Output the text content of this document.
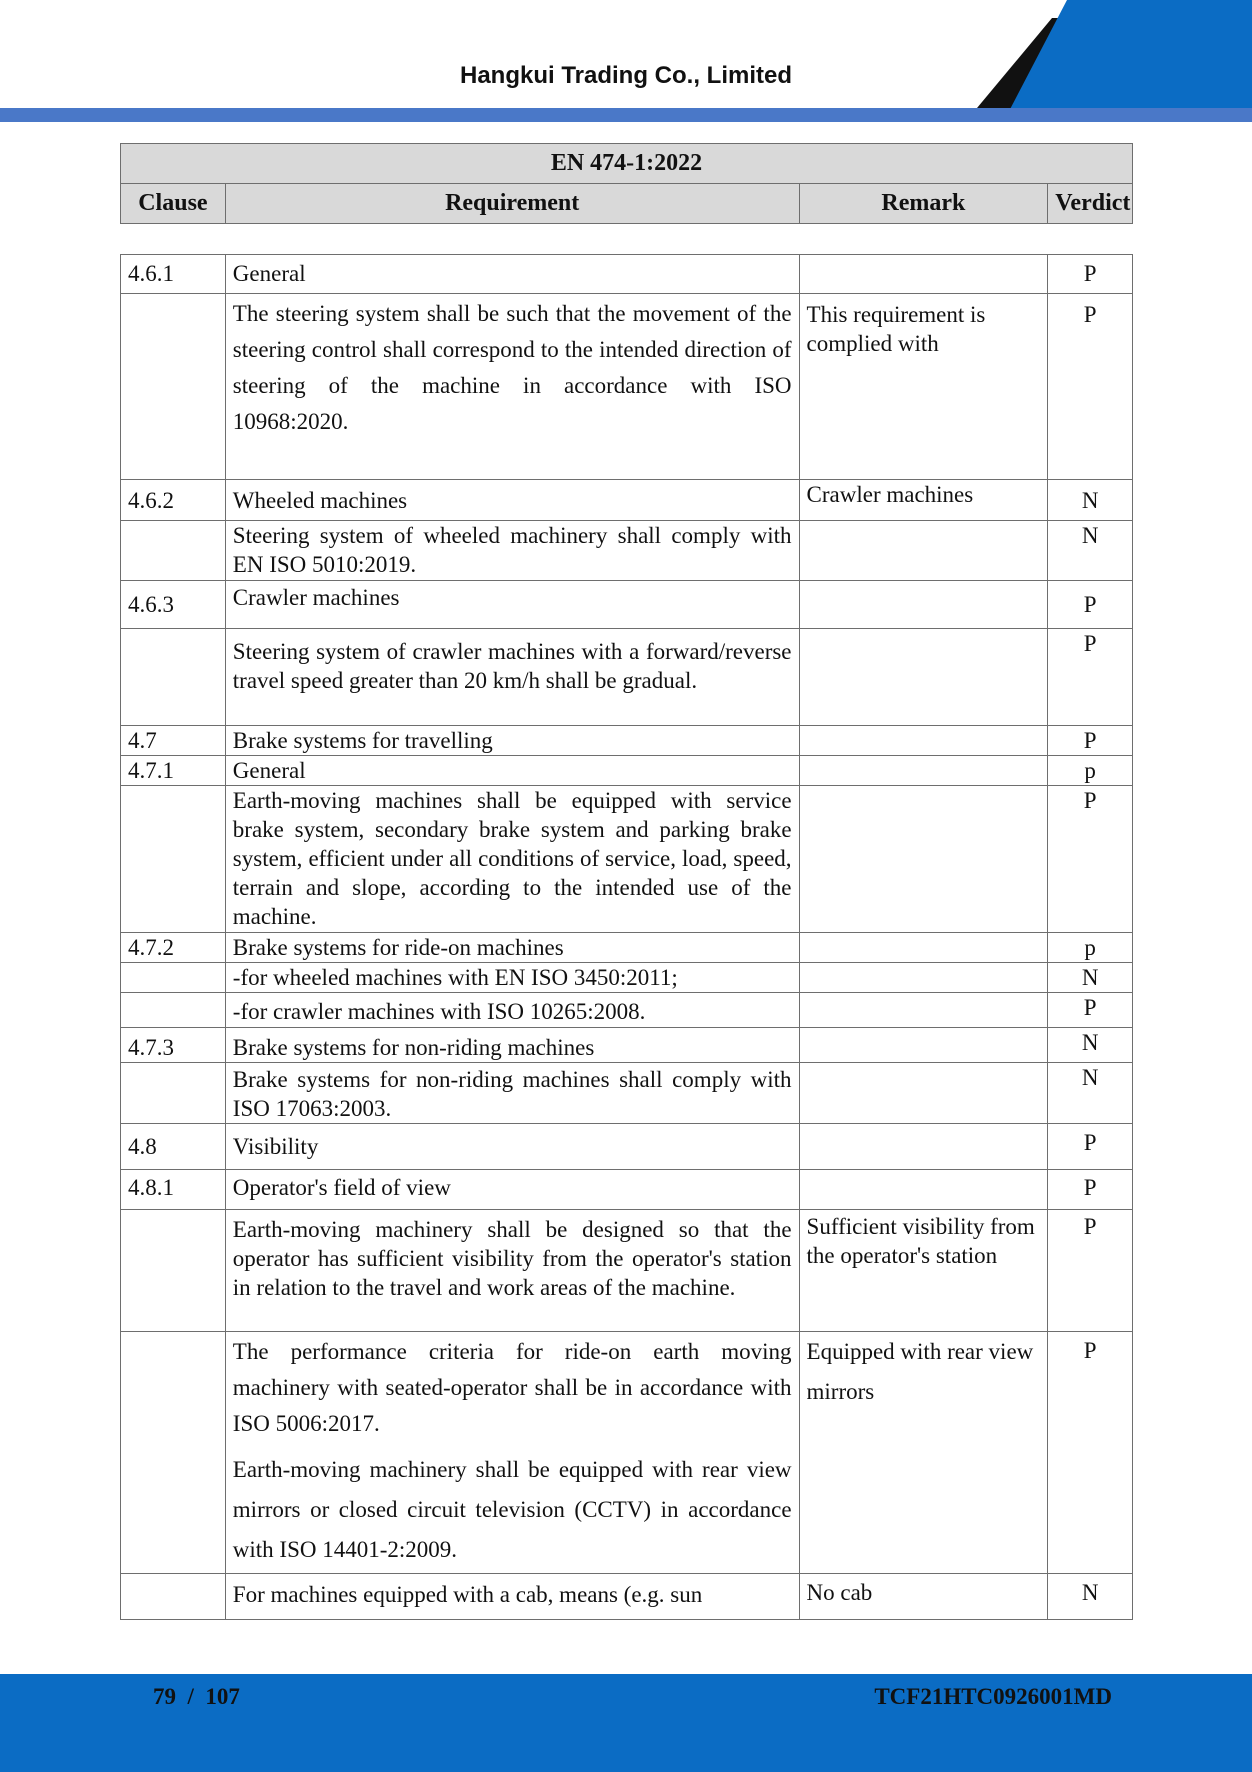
Hangkui Trading Co., Limited
EN 474-1:2022
Clause	Requirement	Remark	Verdict
4.6.1	General		P
	The steering system shall be such that the movement of the steering control shall correspond to the intended direction of steering of the machine in accordance with ISO 10968:2020.	This requirement is complied with	P
4.6.2	Wheeled machines	Crawler machines	N
	Steering system of wheeled machinery shall comply with EN ISO 5010:2019.		N
4.6.3	Crawler machines		P
	Steering system of crawler machines with a forward/reverse travel speed greater than 20 km/h shall be gradual.		P
4.7	Brake systems for travelling		P
4.7.1	General		p
	Earth-moving machines shall be equipped with service brake system, secondary brake system and parking brake system, efficient under all conditions of service, load, speed, terrain and slope, according to the intended use of the machine.		P
4.7.2	Brake systems for ride-on machines		p
	-for wheeled machines with EN ISO 3450:2011;		N
	-for crawler machines with ISO 10265:2008.		P
4.7.3	Brake systems for non-riding machines		N
	Brake systems for non-riding machines shall comply with ISO 17063:2003.		N
4.8	Visibility		P
4.8.1	Operator's field of view		P
	Earth-moving machinery shall be designed so that the operator has sufficient visibility from the operator's station in relation to the travel and work areas of the machine.	Sufficient visibility from the operator's station	P

	The performance criteria for ride-on earth moving machinery with seated-operator shall be in accordance with ISO 5006:2017.
Earth-moving machinery shall be equipped with rear view mirrors or closed circuit television (CCTV) in accordance with ISO 14401-2:2009.	Equipped with rear view mirrors	P
	For machines equipped with a cab, means (e.g. sun	No cab	N
79  /  107	TCF21HTC0926001MD
